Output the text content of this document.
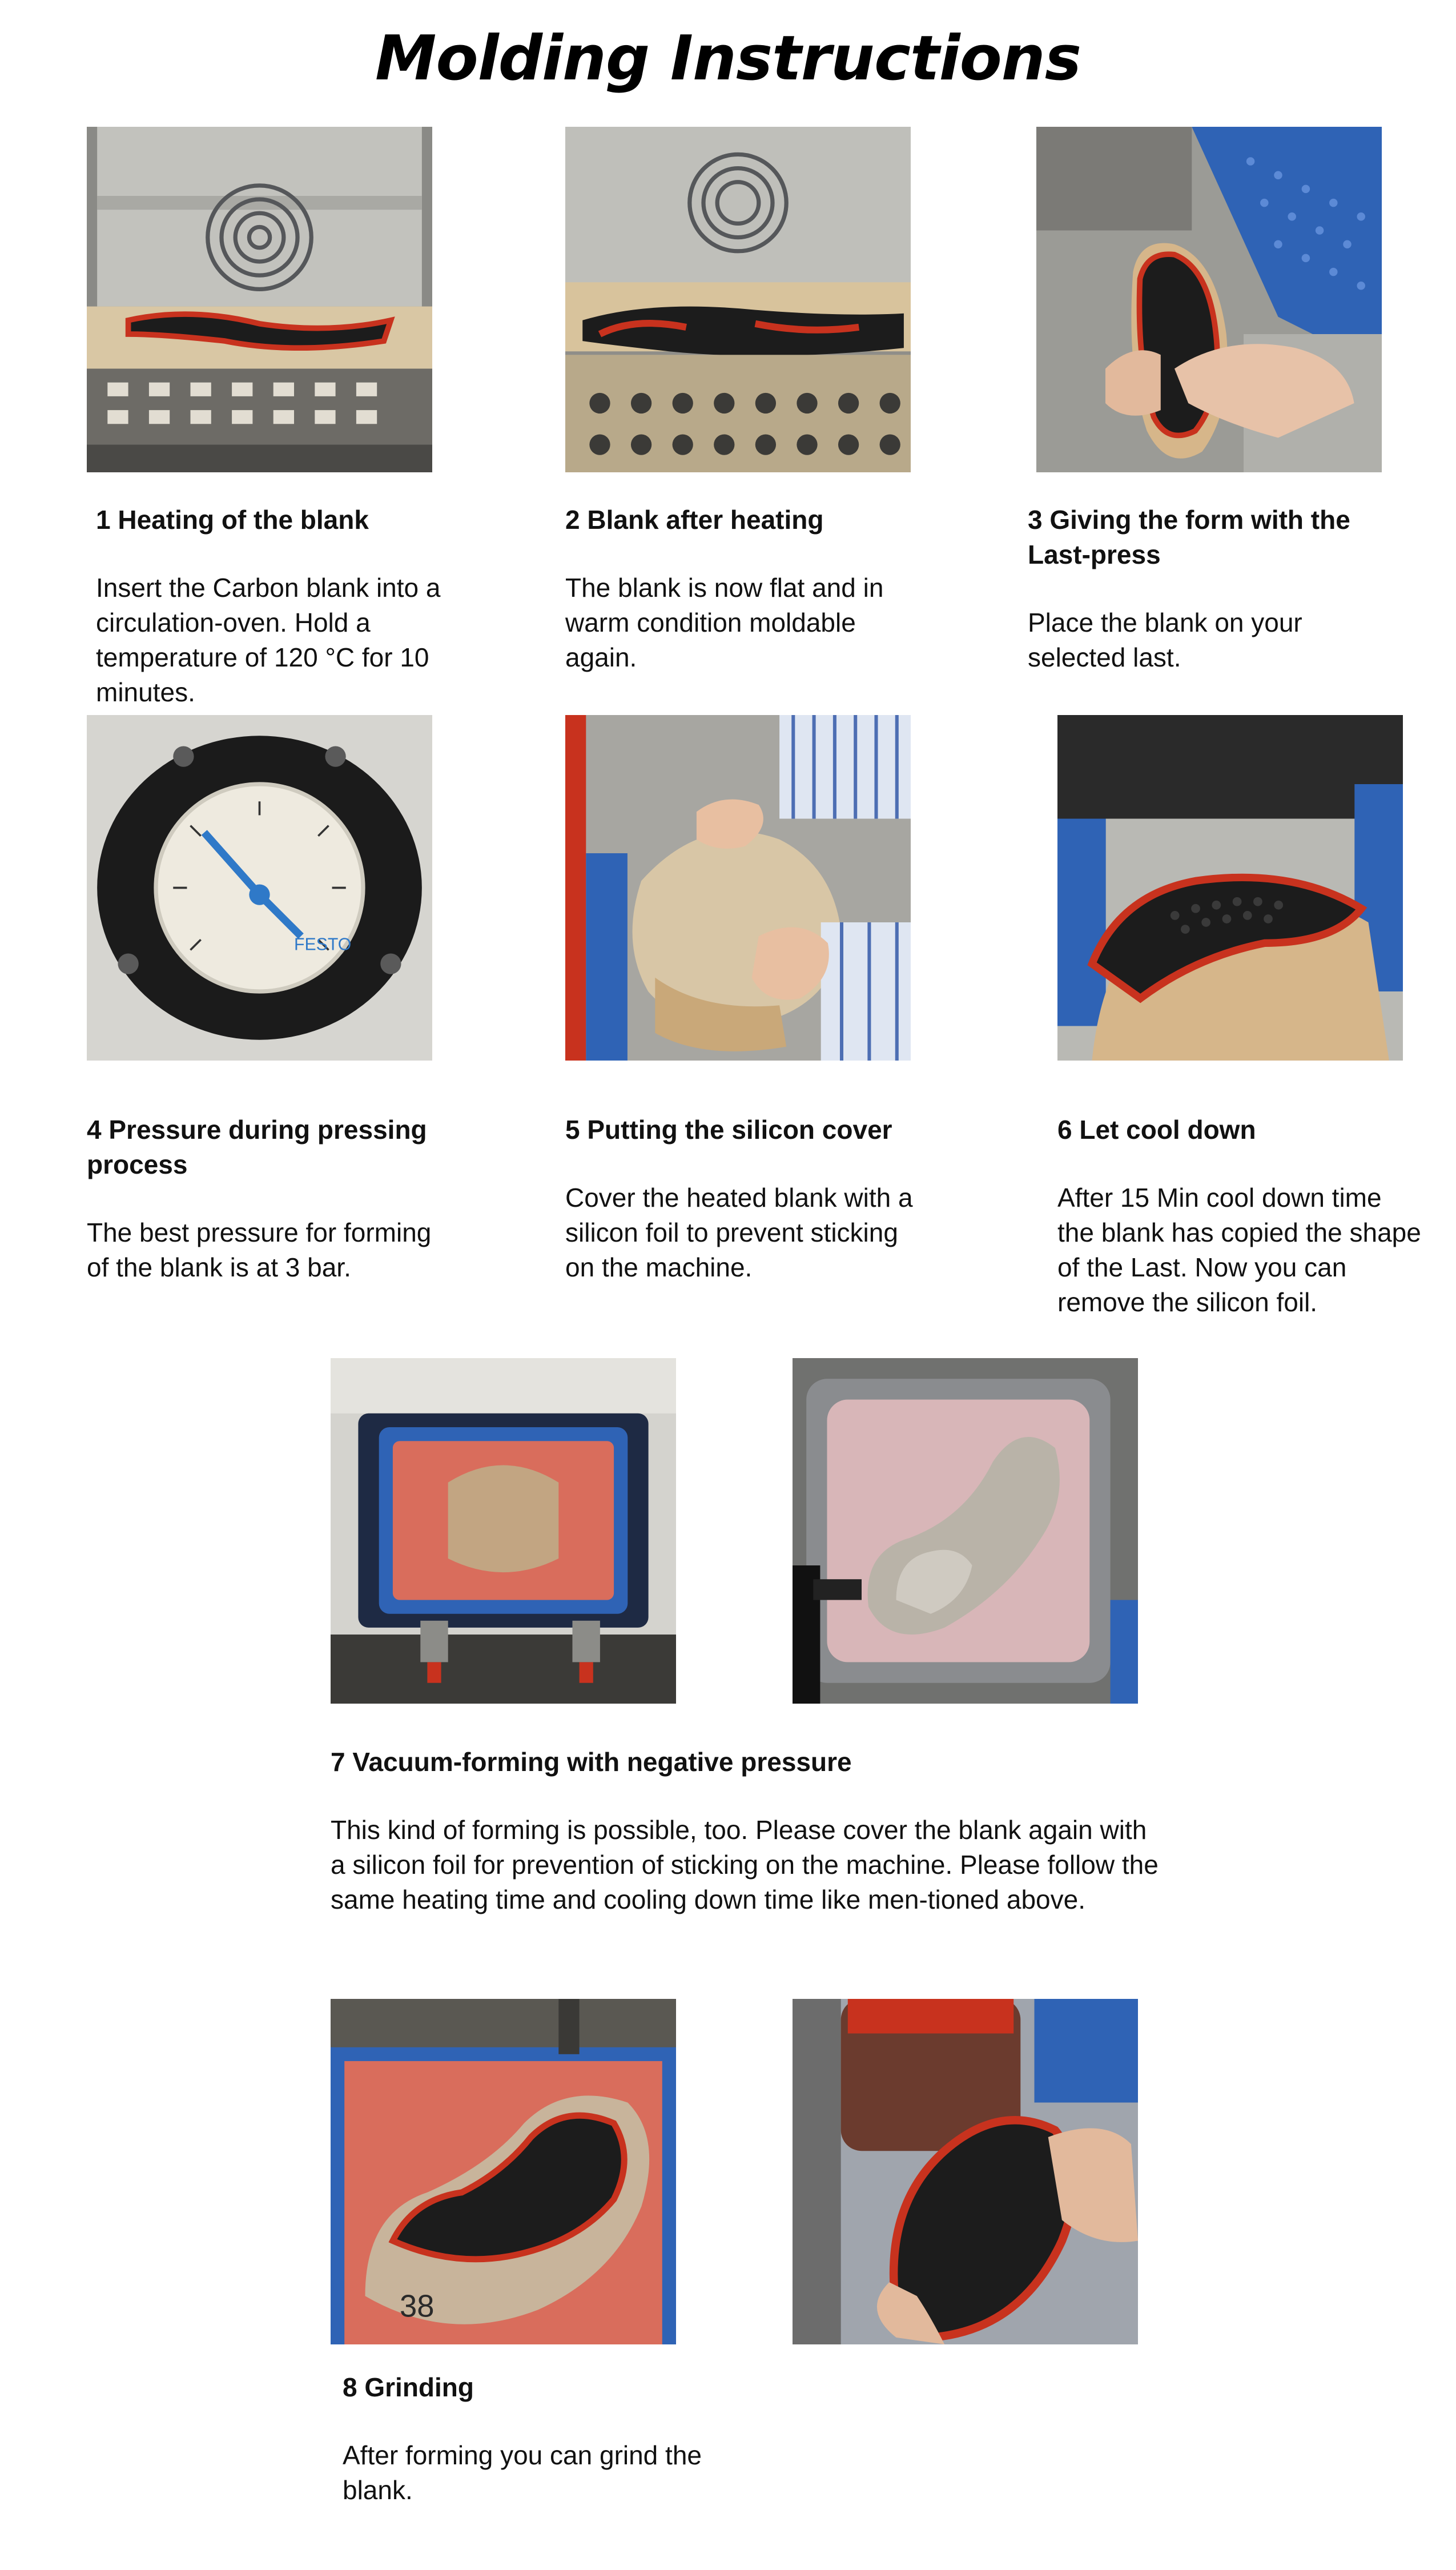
Molding Instructions
1 Heating of the blank
Insert the Carbon blank into a circulation-oven. Hold a temperature of 120 °C for 10 minutes.
2 Blank after heating
The blank is now flat and in warm condition moldable again.
3 Giving the form with the Last-press
Place the blank on your selected last.
FESTO
4 Pressure during pressing process
The best pressure for forming of the blank is at 3 bar.
5 Putting the silicon cover
Cover the heated blank with a silicon foil to prevent sticking on the machine.
6 Let cool down
After 15 Min cool down time the blank has copied the shape of the Last. Now you can remove the silicon foil.
7 Vacuum-forming with negative pressure
This kind of forming is possible, too. Please cover the blank again with a silicon foil for prevention of sticking on the machine. Please follow the same heating time and cooling down time like men-tioned above.
38
8 Grinding
After forming you can grind the blank.
